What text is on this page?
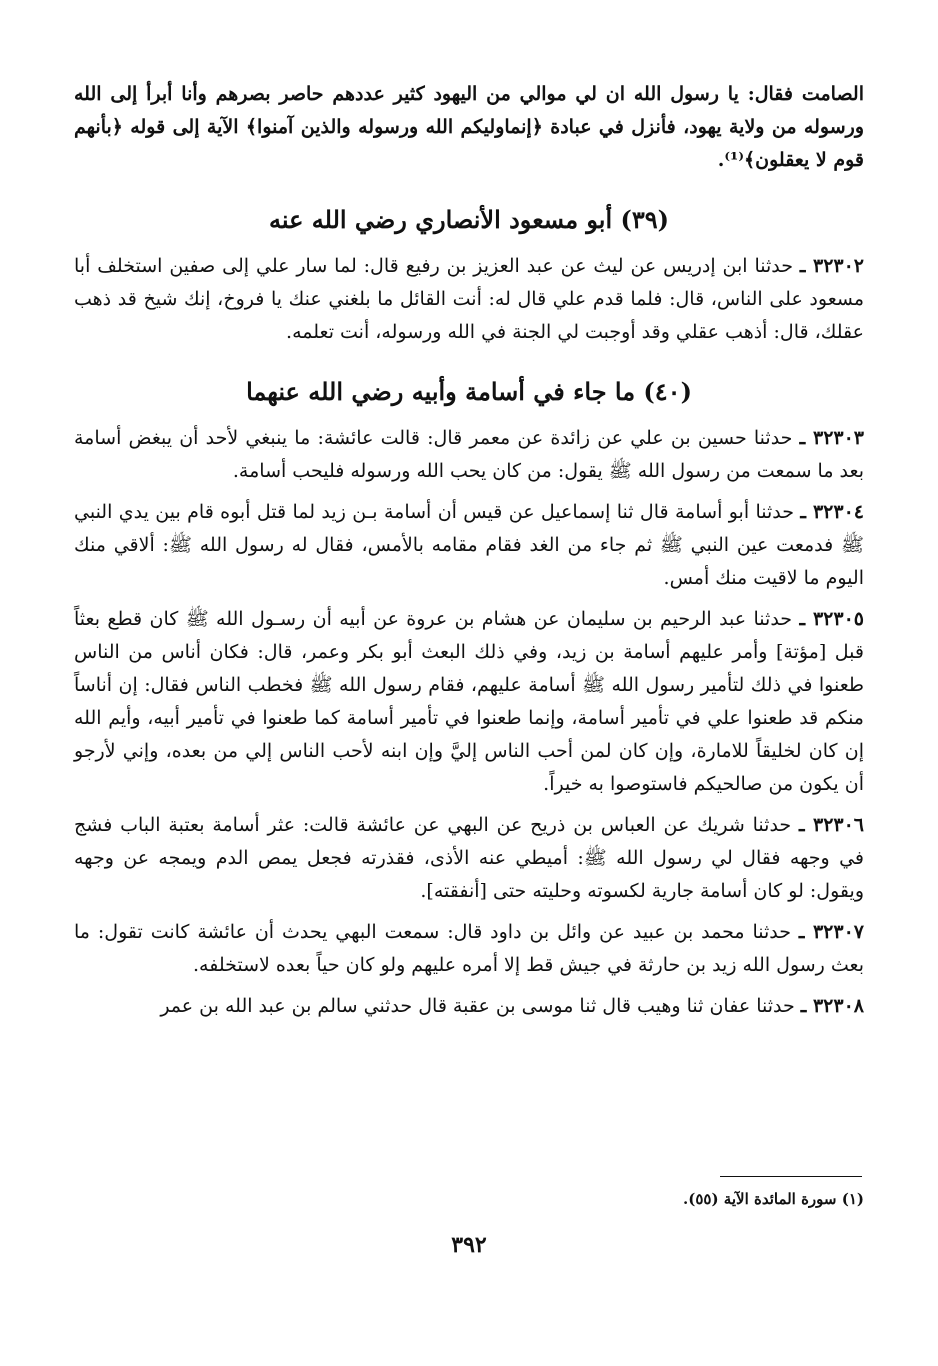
الصامت فقال: يا رسول الله ان لي موالي من اليهود كثير عددهم حاصر بصرهم وأنا أبرأ إلى الله ورسوله من ولاية يهود، فأنزل في عبادة ﴿إنماوليكم الله ورسوله والذين آمنوا﴾ الآية إلى قوله ﴿بأنهم قوم لا يعقلون﴾⁽¹⁾.

(٣٩) أبو مسعود الأنصاري رضي الله عنه

٣٢٣٠٢ ـ حدثنا ابن إدريس عن ليث عن عبد العزيز بن رفيع قال: لما سار علي إلى صفين استخلف أبا مسعود على الناس، قال: فلما قدم علي قال له: أنت القائل ما بلغني عنك يا فروخ، إنك شيخ قد ذهب عقلك، قال: أذهب عقلي وقد أوجبت لي الجنة في الله ورسوله، أنت تعلمه.

(٤٠) ما جاء في أسامة وأبيه رضي الله عنهما

٣٢٣٠٣ ـ حدثنا حسين بن علي عن زائدة عن معمر قال: قالت عائشة: ما ينبغي لأحد أن يبغض أسامة بعد ما سمعت من رسول الله ﷺ يقول: من كان يحب الله ورسوله فليحب أسامة.

٣٢٣٠٤ ـ حدثنا أبو أسامة قال ثنا إسماعيل عن قيس أن أسامة بـن زيد لما قتل أبوه قام بين يدي النبي ﷺ فدمعت عين النبي ﷺ ثم جاء من الغد فقام مقامه بالأمس، فقال له رسول الله ﷺ: ألاقي منك اليوم ما لاقيت منك أمس.

٣٢٣٠٥ ـ حدثنا عبد الرحيم بن سليمان عن هشام بن عروة عن أبيه أن رسـول الله ﷺ كان قطع بعثاً قبل [مؤتة] وأمر عليهم أسامة بن زيد، وفي ذلك البعث أبو بكر وعمر، قال: فكان أناس من الناس طعنوا في ذلك لتأمير رسول الله ﷺ أسامة عليهم، فقام رسول الله ﷺ فخطب الناس فقال: إن أناساً منكم قد طعنوا علي في تأمير أسامة، وإنما طعنوا في تأمير أسامة كما طعنوا في تأمير أبيه، وأيم الله إن كان لخليقاً للامارة، وإن كان لمن أحب الناس إليَّ وإن ابنه لأحب الناس إلي من بعده، وإني لأرجو أن يكون من صالحيكم فاستوصوا به خيراً.

٣٢٣٠٦ ـ حدثنا شريك عن العباس بن ذريح عن البهي عن عائشة قالت: عثر أسامة بعتبة الباب فشج في وجهه فقال لي رسول الله ﷺ: أميطي عنه الأذى، فقذرته فجعل يمص الدم ويمجه عن وجهه ويقول: لو كان أسامة جارية لكسوته وحليته حتى [أنفقته].

٣٢٣٠٧ ـ حدثنا محمد بن عبيد عن وائل بن داود قال: سمعت البهي يحدث أن عائشة كانت تقول: ما بعث رسول الله زيد بن حارثة في جيش قط إلا أمره عليهم ولو كان حياً بعده لاستخلفه.

٣٢٣٠٨ ـ حدثنا عفان ثنا وهيب قال ثنا موسى بن عقبة قال حدثني سالم بن عبد الله بن عمر

(١) سورة المائدة الآية (٥٥).
٣٩٢
